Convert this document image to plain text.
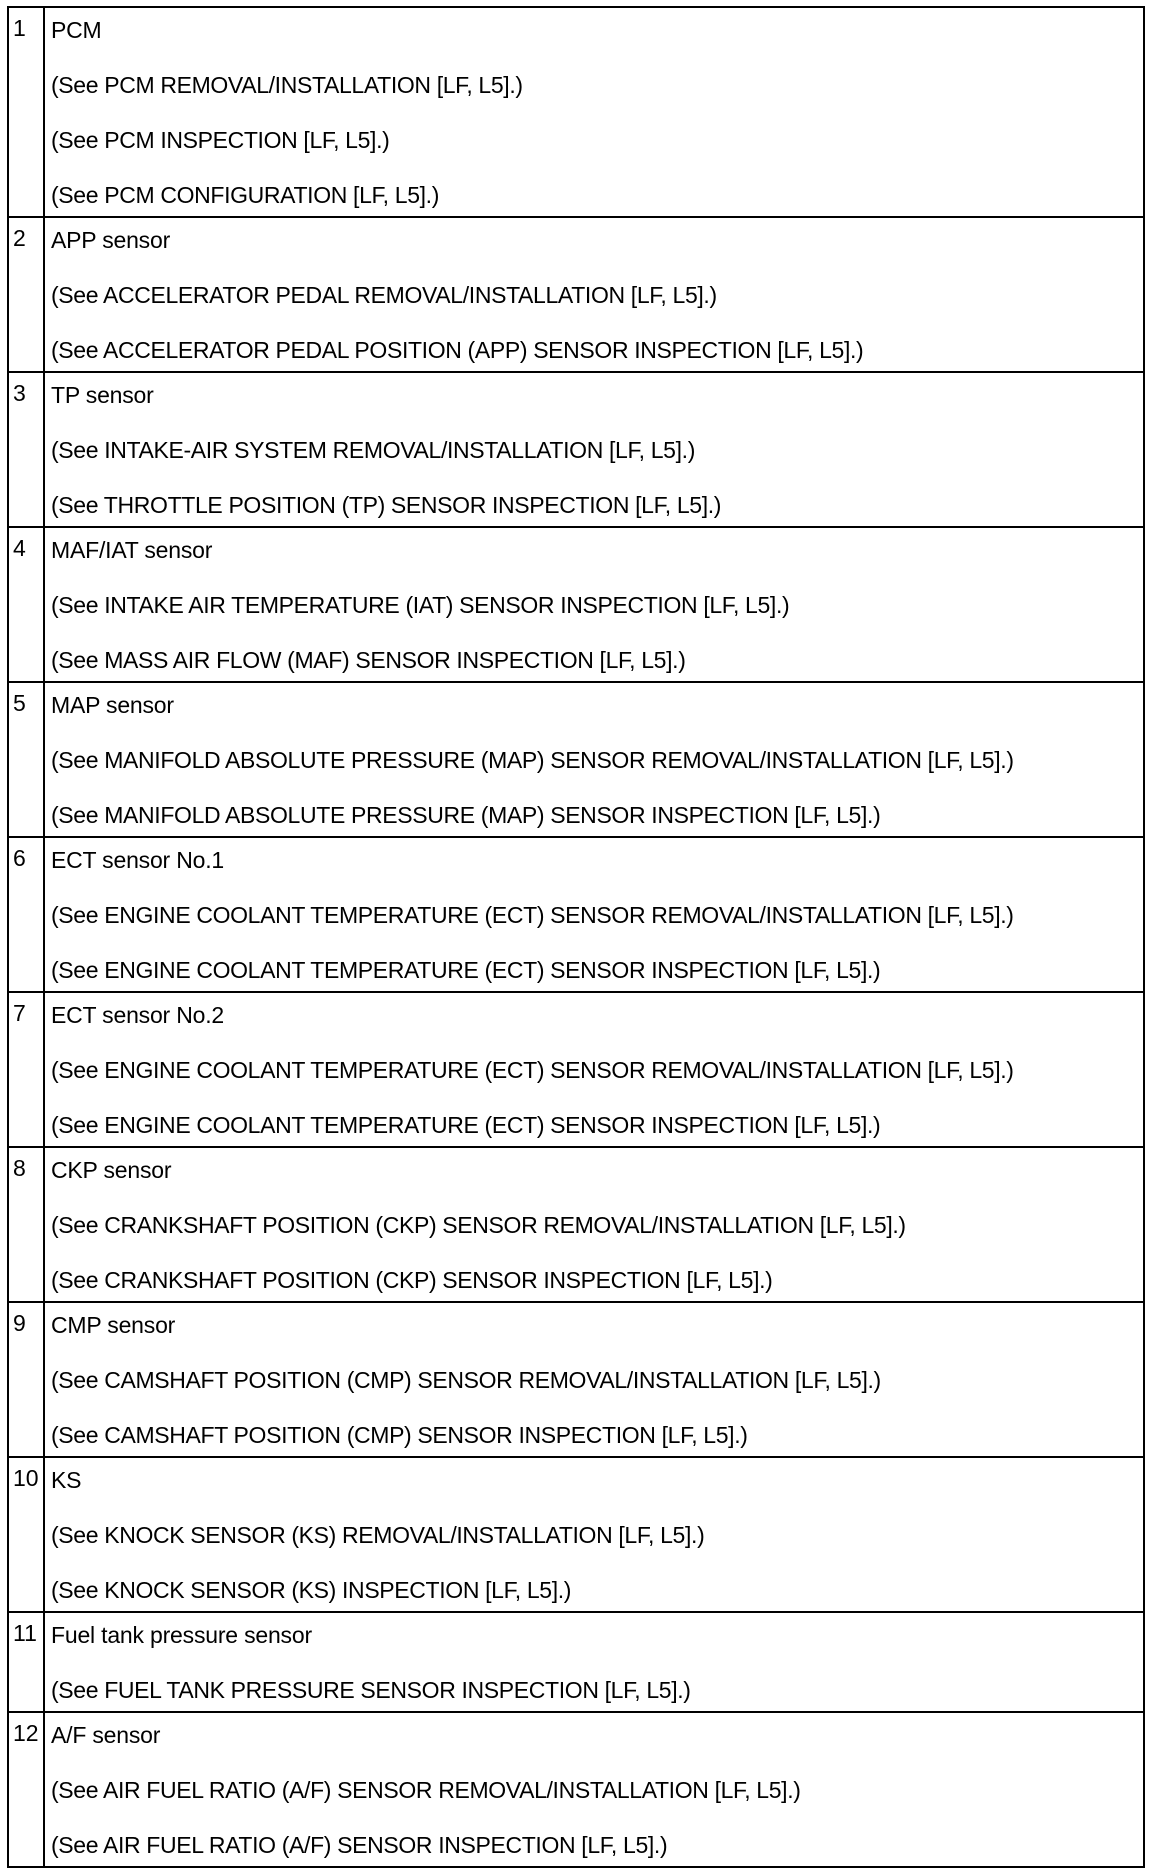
1	PCM
(See PCM REMOVAL/INSTALLATION [LF, L5].)
(See PCM INSPECTION [LF, L5].)
(See PCM CONFIGURATION [LF, L5].)
2	APP sensor
(See ACCELERATOR PEDAL REMOVAL/INSTALLATION [LF, L5].)
(See ACCELERATOR PEDAL POSITION (APP) SENSOR INSPECTION [LF, L5].)
3	TP sensor
(See INTAKE-AIR SYSTEM REMOVAL/INSTALLATION [LF, L5].)
(See THROTTLE POSITION (TP) SENSOR INSPECTION [LF, L5].)
4	MAF/IAT sensor
(See INTAKE AIR TEMPERATURE (IAT) SENSOR INSPECTION [LF, L5].)
(See MASS AIR FLOW (MAF) SENSOR INSPECTION [LF, L5].)
5	MAP sensor
(See MANIFOLD ABSOLUTE PRESSURE (MAP) SENSOR REMOVAL/INSTALLATION [LF, L5].)
(See MANIFOLD ABSOLUTE PRESSURE (MAP) SENSOR INSPECTION [LF, L5].)
6	ECT sensor No.1
(See ENGINE COOLANT TEMPERATURE (ECT) SENSOR REMOVAL/INSTALLATION [LF, L5].)
(See ENGINE COOLANT TEMPERATURE (ECT) SENSOR INSPECTION [LF, L5].)
7	ECT sensor No.2
(See ENGINE COOLANT TEMPERATURE (ECT) SENSOR REMOVAL/INSTALLATION [LF, L5].)
(See ENGINE COOLANT TEMPERATURE (ECT) SENSOR INSPECTION [LF, L5].)
8	CKP sensor
(See CRANKSHAFT POSITION (CKP) SENSOR REMOVAL/INSTALLATION [LF, L5].)
(See CRANKSHAFT POSITION (CKP) SENSOR INSPECTION [LF, L5].)
9	CMP sensor
(See CAMSHAFT POSITION (CMP) SENSOR REMOVAL/INSTALLATION [LF, L5].)
(See CAMSHAFT POSITION (CMP) SENSOR INSPECTION [LF, L5].)
10 KS
(See KNOCK SENSOR (KS) REMOVAL/INSTALLATION [LF, L5].)
(See KNOCK SENSOR (KS) INSPECTION [LF, L5].)
11 Fuel tank pressure sensor
(See FUEL TANK PRESSURE SENSOR INSPECTION [LF, L5].)
12 A/F sensor
(See AIR FUEL RATIO (A/F) SENSOR REMOVAL/INSTALLATION [LF, L5].)
(See AIR FUEL RATIO (A/F) SENSOR INSPECTION [LF, L5].)
